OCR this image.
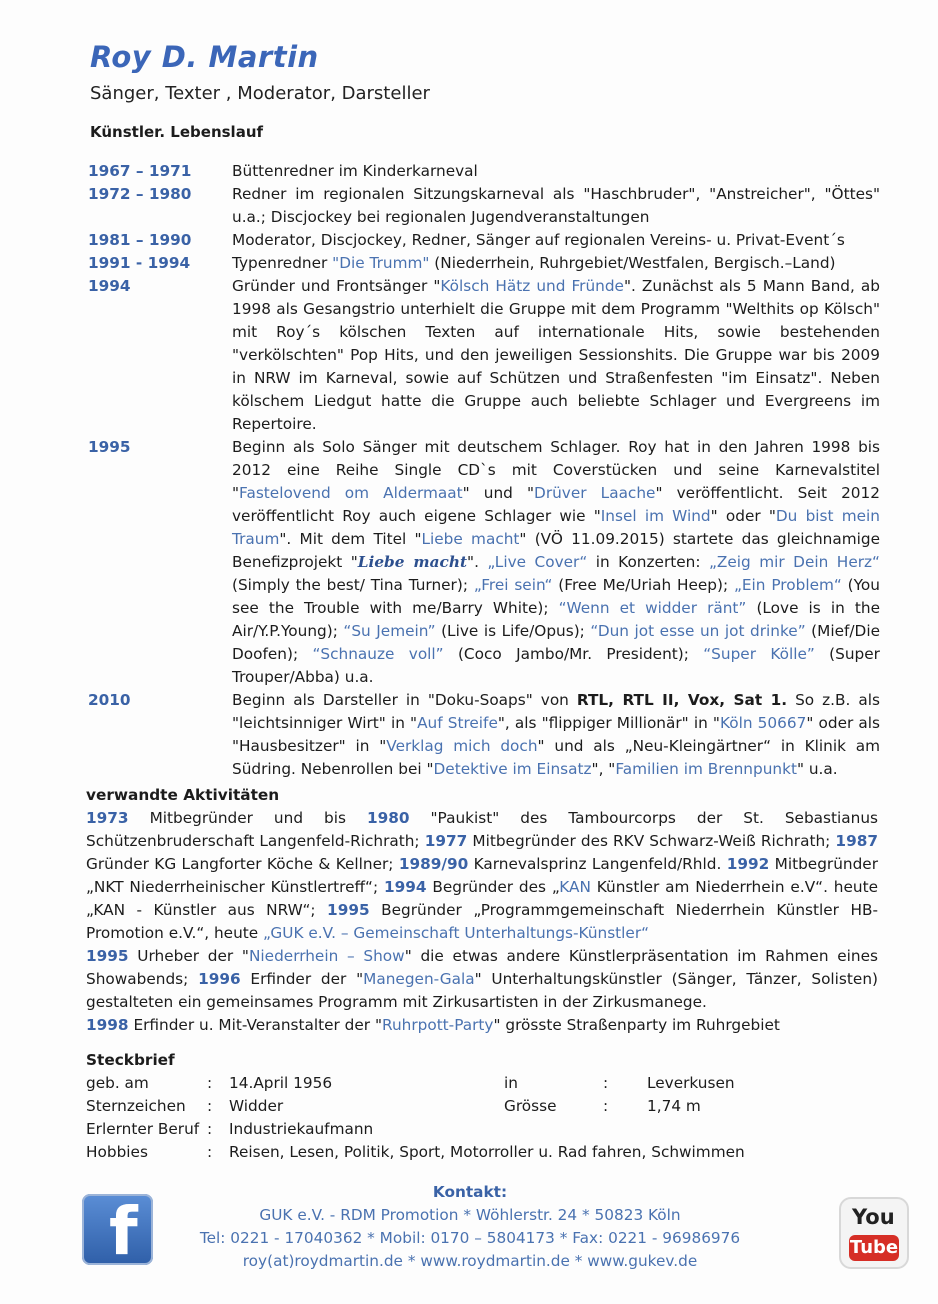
Roy D. Martin
Sänger, Texter , Moderator, Darsteller
Künstler. Lebenslauf
1967 – 1971	Büttenredner im Kinderkarneval
1972 – 1980	Redner im regionalen Sitzungskarneval als "Haschbruder", "Anstreicher", "Öttes" u.a.; Discjockey bei regionalen Jugendveranstaltungen
1981 – 1990	Moderator, Discjockey, Redner, Sänger auf regionalen Vereins- u. Privat-Event´s
1991 - 1994	Typenredner "Die Trumm" (Niederrhein, Ruhrgebiet/Westfalen, Bergisch.–Land)
1994	Gründer und Frontsänger "Kölsch Hätz und Fründe". Zunächst als 5 Mann Band, ab 1998 als Gesangstrio unterhielt die Gruppe mit dem Programm "Welthits op Kölsch" mit Roy´s kölschen Texten auf internationale Hits, sowie bestehenden "verkölschten" Pop Hits, und den jeweiligen Sessionshits. Die Gruppe war bis 2009 in NRW im Karneval, sowie auf Schützen und Straßenfesten "im Einsatz". Neben kölschem Liedgut hatte die Gruppe auch beliebte Schlager und Evergreens im Repertoire.
1995	Beginn als Solo Sänger mit deutschem Schlager. Roy hat in den Jahren 1998 bis 2012 eine Reihe Single CD`s mit Coverstücken und seine Karnevalstitel "Fastelovend om Aldermaat" und "Drüver Laache" veröffentlicht. Seit 2012 veröffentlicht Roy auch eigene Schlager wie "Insel im Wind" oder "Du bist mein Traum". Mit dem Titel "Liebe macht" (VÖ 11.09.2015) startete das gleichnamige Benefizprojekt "Liebe macht". „Live Cover“ in Konzerten: „Zeig mir Dein Herz“ (Simply the best/ Tina Turner); „Frei sein“ (Free Me/Uriah Heep); „Ein Problem“ (You see the Trouble with me/Barry White); “Wenn et widder ränt” (Love is in the Air/Y.P.Young); “Su Jemein” (Live is Life/Opus); “Dun jot esse un jot drinke” (Mief/Die Doofen); “Schnauze voll” (Coco Jambo/Mr. President); “Super Kölle” (Super Trouper/Abba) u.a.
2010	Beginn als Darsteller in "Doku-Soaps" von RTL, RTL II, Vox, Sat 1. So z.B. als "leichtsinniger Wirt" in "Auf Streife", als "flippiger Millionär" in "Köln 50667" oder als "Hausbesitzer" in "Verklag mich doch" und als „Neu-Kleingärtner“ in Klinik am Südring. Nebenrollen bei "Detektive im Einsatz", "Familien im Brennpunkt" u.a.
verwandte Aktivitäten

1973 Mitbegründer und bis 1980 "Paukist" des Tambourcorps der St. Sebastianus Schützenbruderschaft Langenfeld-Richrath; 1977 Mitbegründer des RKV Schwarz-Weiß Richrath; 1987 Gründer KG Langforter Köche & Kellner; 1989/90 Karnevalsprinz Langenfeld/Rhld. 1992 Mitbegründer „NKT Niederrheinischer Künstlertreff“; 1994 Begründer des „KAN Künstler am Niederrhein e.V“. heute „KAN - Künstler aus NRW“; 1995 Begründer „Programmgemeinschaft Niederrhein Künstler HB-Promotion e.V.“, heute „GUK e.V. – Gemeinschaft Unterhaltungs-Künstler“

1995 Urheber der "Niederrhein – Show" die etwas andere Künstlerpräsentation im Rahmen eines Showabends; 1996 Erfinder der "Manegen-Gala" Unterhaltungskünstler (Sänger, Tänzer, Solisten) gestalteten ein gemeinsames Programm mit Zirkusartisten in der Zirkusmanege.

1998 Erfinder u. Mit-Veranstalter der "Ruhrpott-Party" grösste Straßenparty im Ruhrgebiet

Steckbrief
geb. am	:	14.April 1956	in	:	Leverkusen
Sternzeichen	:	Widder	Grösse	:	1,74 m
Erlernter Beruf	:	Industriekaufmann			
Hobbies	:	Reisen, Lesen, Politik, Sport, Motorroller u. Rad fahren, Schwimmen			
Kontakt:
GUK e.V. - RDM Promotion * Wöhlerstr. 24 * 50823 Köln
Tel: 0221 - 17040362 * Mobil: 0170 – 5804173 * Fax: 0221 - 96986976
roy(at)roydmartin.de * www.roydmartin.de * www.gukev.de
f	You
Tube
